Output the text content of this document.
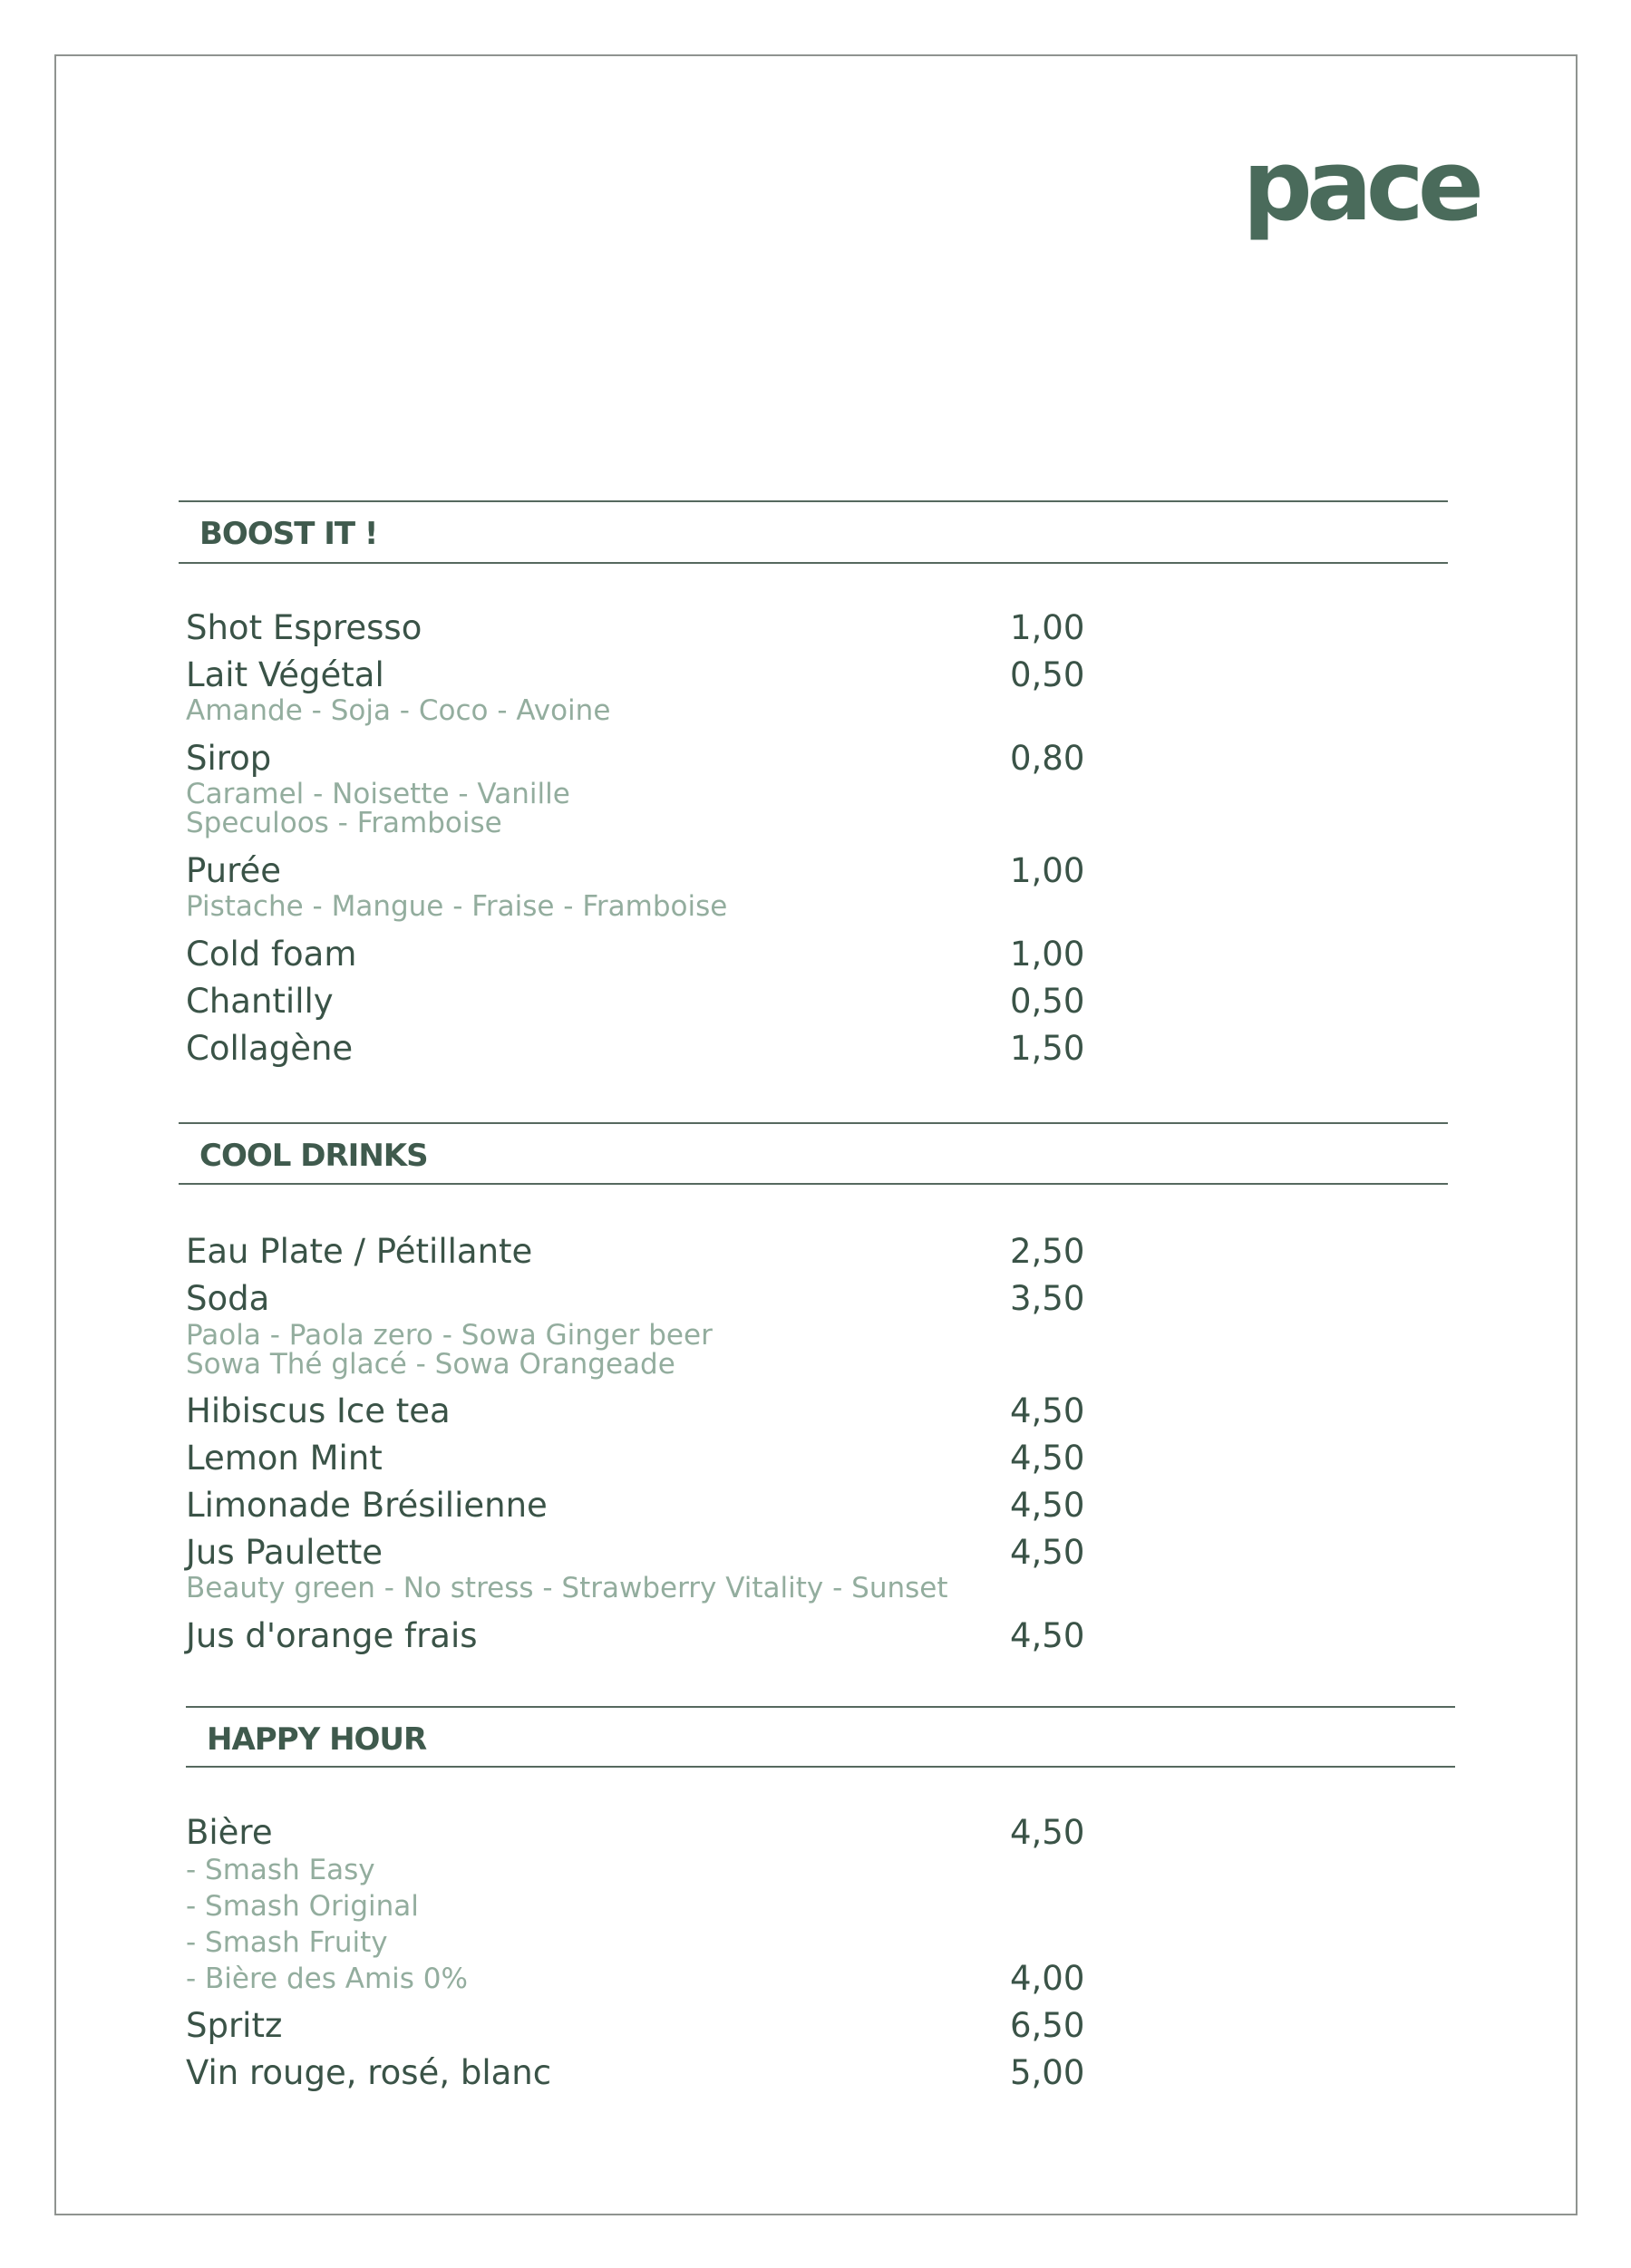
pace
BOOST IT !
Shot Espresso	1,00
Lait Végétal	0,50
Amande - Soja - Coco - Avoine
Sirop	0,80
Caramel - Noisette - Vanille
Speculoos - Framboise
Purée	1,00
Pistache - Mangue - Fraise - Framboise
Cold foam	1,00
Chantilly	0,50
Collagène	1,50
COOL DRINKS
Eau Plate / Pétillante	2,50
Soda	3,50
Paola - Paola zero - Sowa Ginger beer
Sowa Thé glacé - Sowa Orangeade
Hibiscus Ice tea	4,50
Lemon Mint	4,50
Limonade Brésilienne	4,50
Jus Paulette	4,50
Beauty green - No stress - Strawberry Vitality - Sunset
Jus d'orange frais	4,50
HAPPY HOUR
Bière	4,50
- Smash Easy
- Smash Original
- Smash Fruity
- Bière des Amis 0%	4,00
Spritz	6,50
Vin rouge, rosé, blanc	5,00
